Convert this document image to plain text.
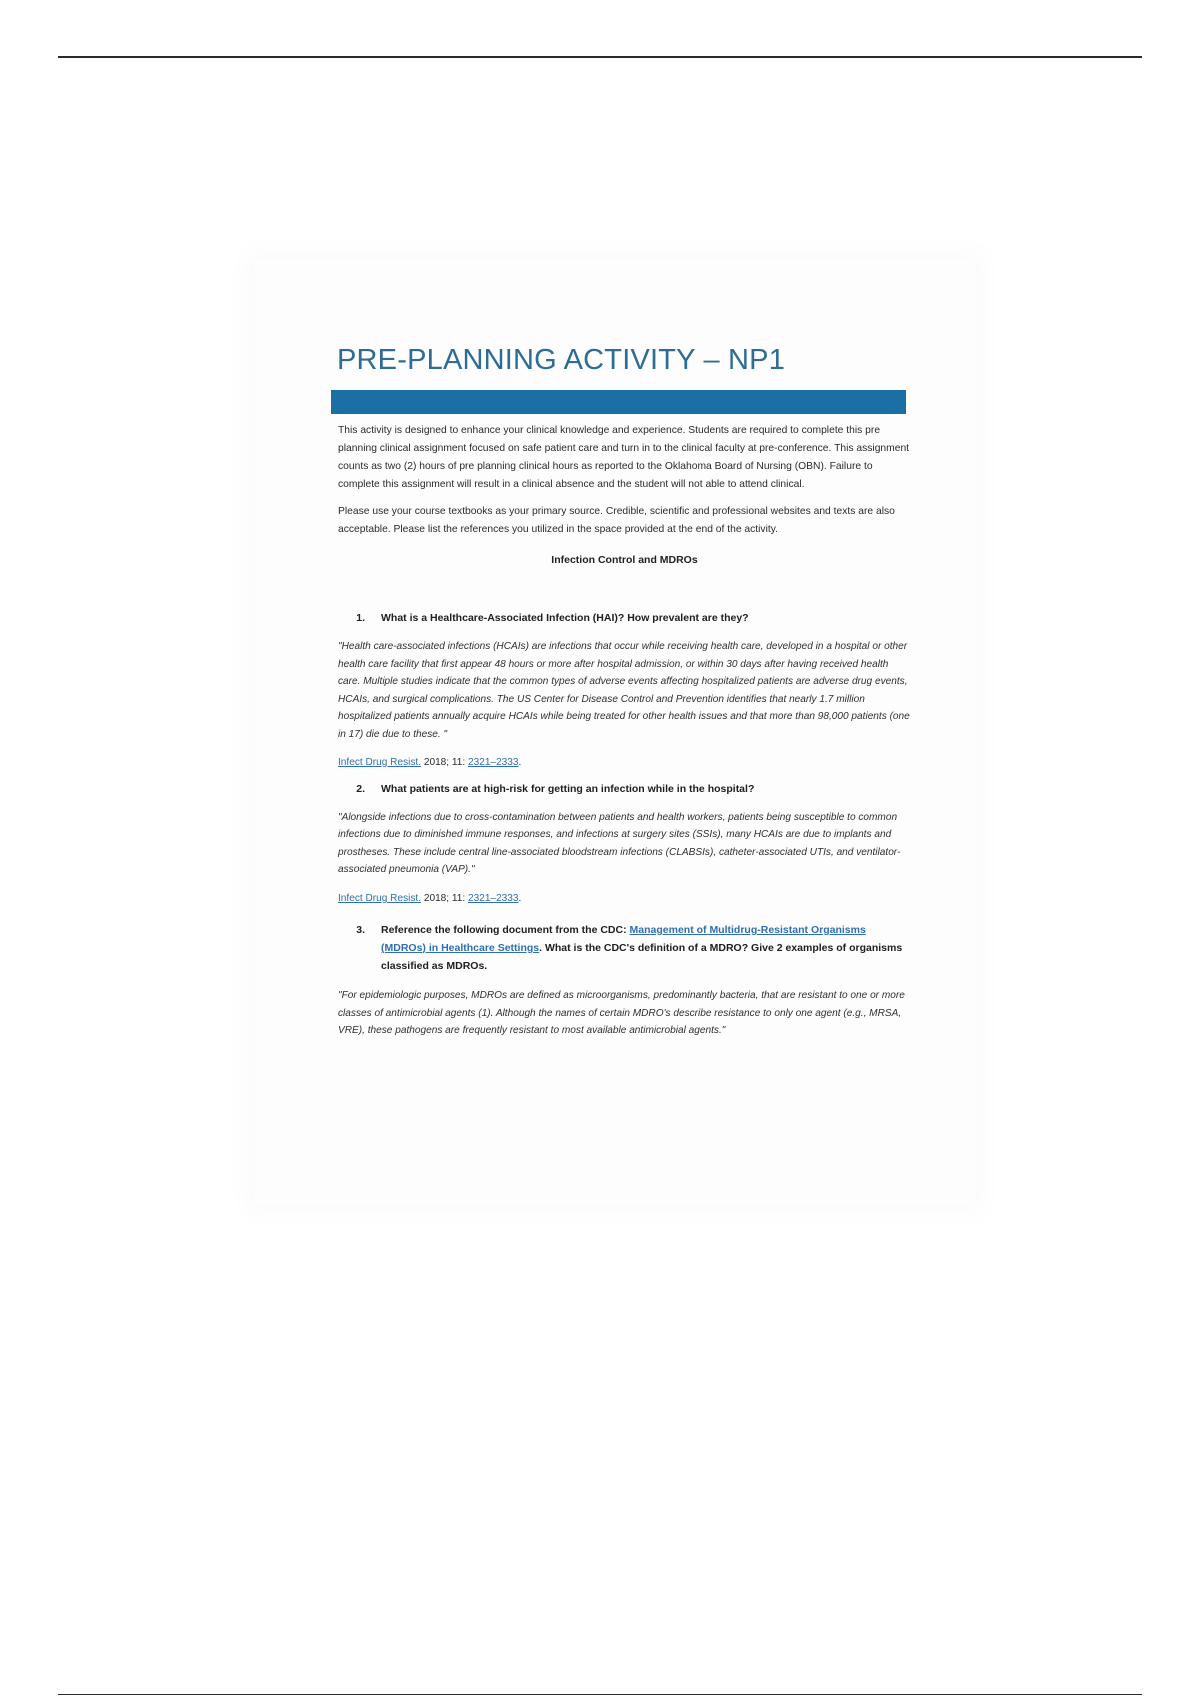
PRE-PLANNING ACTIVITY – NP1

This activity is designed to enhance your clinical knowledge and experience. Students are required to complete this pre planning clinical assignment focused on safe patient care and turn in to the clinical faculty at pre-conference. This assignment counts as two (2) hours of pre planning clinical hours as reported to the Oklahoma Board of Nursing (OBN). Failure to complete this assignment will result in a clinical absence and the student will not able to attend clinical.

Please use your course textbooks as your primary source. Credible, scientific and professional websites and texts are also acceptable. Please list the references you utilized in the space provided at the end of the activity.

Infection Control and MDROs

1.	What is a Healthcare-Associated Infection (HAI)? How prevalent are they?

"Health care-associated infections (HCAIs) are infections that occur while receiving health care, developed in a hospital or other health care facility that first appear 48 hours or more after hospital admission, or within 30 days after having received health care. Multiple studies indicate that the common types of adverse events affecting hospitalized patients are adverse drug events, HCAIs, and surgical complications. The US Center for Disease Control and Prevention identifies that nearly 1.7 million hospitalized patients annually acquire HCAIs while being treated for other health issues and that more than 98,000 patients (one in 17) die due to these. "

Infect Drug Resist. 2018; 11: 2321–2333.

2.	What patients are at high-risk for getting an infection while in the hospital?

"Alongside infections due to cross-contamination between patients and health workers, patients being susceptible to common infections due to diminished immune responses, and infections at surgery sites (SSIs), many HCAIs are due to implants and prostheses. These include central line-associated bloodstream infections (CLABSIs), catheter-associated UTIs, and ventilator-associated pneumonia (VAP)."

Infect Drug Resist. 2018; 11: 2321–2333.

3.	Reference the following document from the CDC: Management of Multidrug-Resistant Organisms (MDROs) in Healthcare Settings. What is the CDC's definition of a MDRO? Give 2 examples of organisms classified as MDROs.

"For epidemiologic purposes, MDROs are defined as microorganisms, predominantly bacteria, that are resistant to one or more classes of antimicrobial agents (1). Although the names of certain MDRO's describe resistance to only one agent (e.g., MRSA, VRE), these pathogens are frequently resistant to most available antimicrobial agents."
